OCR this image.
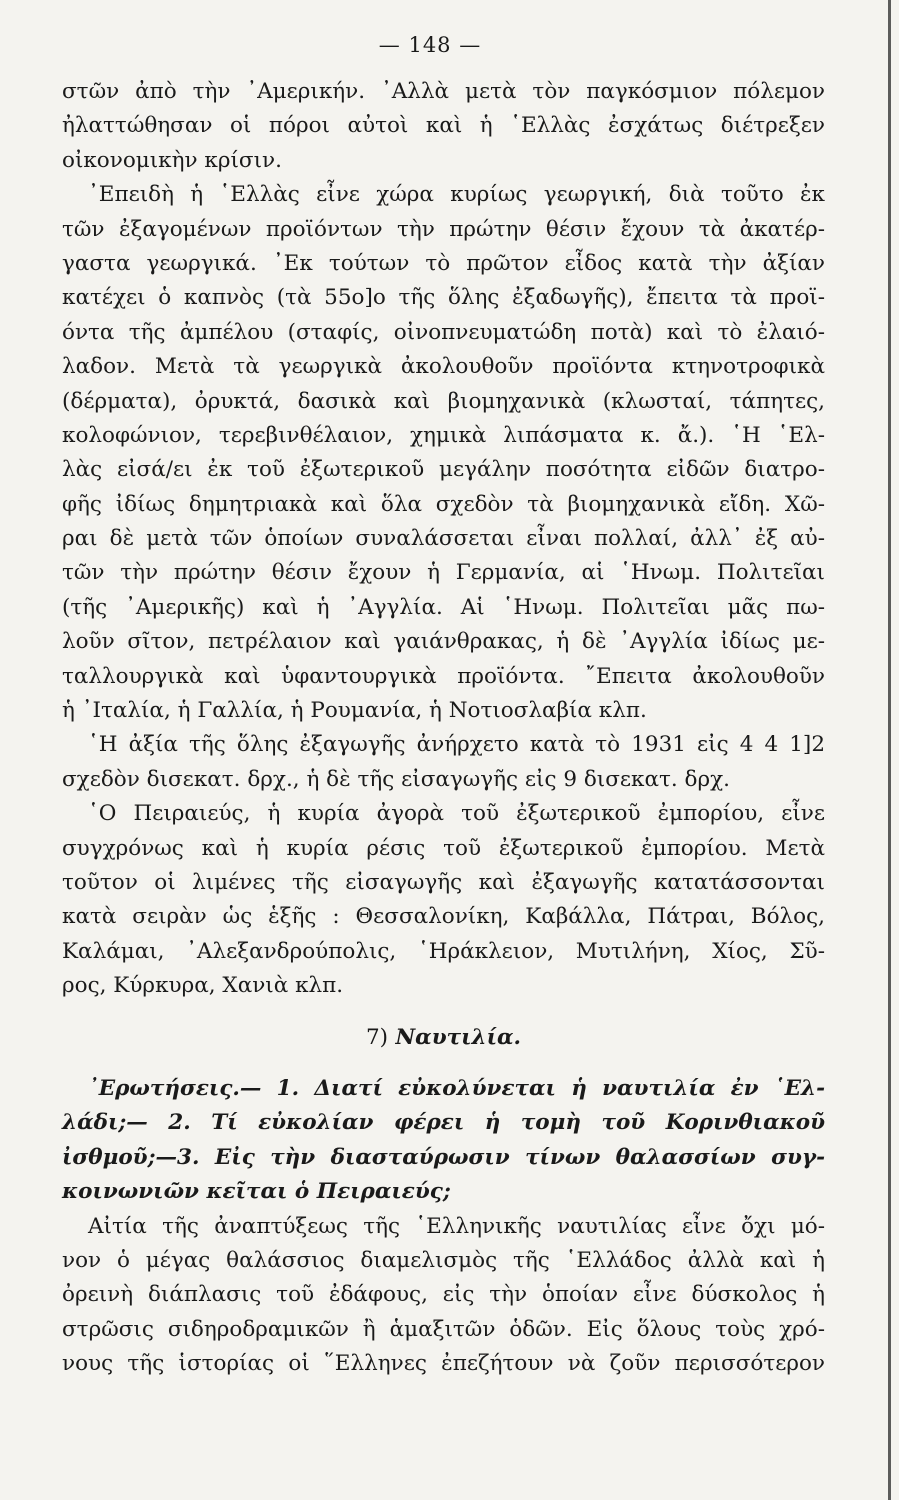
— 148 —
στῶν ἀπὸ τὴν ᾿Αμερικήν. ᾿Αλλὰ μετὰ τὸν παγκόσμιον πόλεμον
ἠλαττώθησαν οἱ πόροι αὐτοὶ καὶ ἡ ῾Ελλὰς ἐσχάτως διέτρεξεν
οἰκονομικὴν κρίσιν.
᾿Επειδὴ ἡ ῾Ελλὰς εἶνε χώρα κυρίως γεωργική, διὰ τοῦτο ἐκ
τῶν ἐξαγομένων προϊόντων τὴν πρώτην θέσιν ἔχουν τὰ ἀκατέρ-
γαστα γεωργικά. ᾿Εκ τούτων τὸ πρῶτον εἶδος κατὰ τὴν ἀξίαν
κατέχει ὁ καπνὸς (τὰ 55ο]ο τῆς ὅλης ἐξαδωγῆς), ἔπειτα τὰ προϊ-
όντα τῆς ἀμπέλου (σταφίς, οἰνοπνευματώδη ποτὰ) καὶ τὸ ἐλαιό-
λαδον. Μετὰ τὰ γεωργικὰ ἀκολουθοῦν προϊόντα κτηνοτροφικὰ
(δέρματα), ὀρυκτά, δασικὰ καὶ βιομηχανικὰ (κλωσταί, τάπητες,
κολοφώνιον, τερεβινθέλαιον, χημικὰ λιπάσματα κ. ἄ.). ῾Η ῾Ελ-
λὰς εἰσά/ει ἐκ τοῦ ἐξωτερικοῦ μεγάλην ποσότητα εἰδῶν διατρο-
φῆς ἰδίως δημητριακὰ καὶ ὅλα σχεδὸν τὰ βιομηχανικὰ εἴδη. Χῶ-
ραι δὲ μετὰ τῶν ὁποίων συναλάσσεται εἶναι πολλαί, ἀλλ᾿ ἐξ αὐ-
τῶν τὴν πρώτην θέσιν ἔχουν ἡ Γερμανία, αἱ ῾Ηνωμ. Πολιτεῖαι
(τῆς ᾿Αμερικῆς) καὶ ἡ ᾿Αγγλία. Αἱ ῾Ηνωμ. Πολιτεῖαι μᾶς πω-
λοῦν σῖτον, πετρέλαιον καὶ γαιάνθρακας, ἡ δὲ ᾿Αγγλία ἰδίως με-
ταλλουργικὰ καὶ ὑφαντουργικὰ προϊόντα. ῎Επειτα ἀκολουθοῦν
ἡ ᾿Ιταλία, ἡ Γαλλία, ἡ Ρουμανία, ἡ Νοτιοσλαβία κλπ.
῾Η ἀξία τῆς ὅλης ἐξαγωγῆς ἀνήρχετο κατὰ τὸ 1931 εἰς 4 4 1]2
σχεδὸν δισεκατ. δρχ., ἡ δὲ τῆς εἰσαγωγῆς εἰς 9 δισεκατ. δρχ.
῾Ο Πειραιεύς, ἡ κυρία ἀγορὰ τοῦ ἐξωτερικοῦ ἐμπορίου, εἶνε
συγχρόνως καὶ ἡ κυρία ρέσις τοῦ ἐξωτερικοῦ ἐμπορίου. Μετὰ
τοῦτον οἱ λιμένες τῆς εἰσαγωγῆς καὶ ἐξαγωγῆς κατατάσσονται
κατὰ σειρὰν ὡς ἑξῆς : Θεσσαλονίκη, Καβάλλα, Πάτραι, Βόλος,
Καλάμαι, ᾿Αλεξανδρούπολις, ῾Ηράκλειον, Μυτιλήνη, Χίος, Σῦ-
ρος, Κύρκυρα, Χανιὰ κλπ.
7) Ναυτιλία.
᾿Ερωτήσεις.— 1. Διατί εὐκολύνεται ἡ ναυτιλία ἐν ῾Ελ-
λάδι;— 2. Τί εὐκολίαν φέρει ἡ τομὴ τοῦ Κορινθιακοῦ
ἰσθμοῦ;—3. Εἰς τὴν διασταύρωσιν τίνων θαλασσίων συγ-
κοινωνιῶν κεῖται ὁ Πειραιεύς;
Αἰτία τῆς ἀναπτύξεως τῆς ῾Ελληνικῆς ναυτιλίας εἶνε ὄχι μό-
νον ὁ μέγας θαλάσσιος διαμελισμὸς τῆς ῾Ελλάδος ἀλλὰ καὶ ἡ
ὀρεινὴ διάπλασις τοῦ ἐδάφους, εἰς τὴν ὁποίαν εἶνε δύσκολος ἡ
στρῶσις σιδηροδραμικῶν ἢ ἁμαξιτῶν ὁδῶν. Εἰς ὅλους τοὺς χρό-
νους τῆς ἱστορίας οἱ ῞Ελληνες ἐπεζήτουν νὰ ζοῦν περισσότερον
